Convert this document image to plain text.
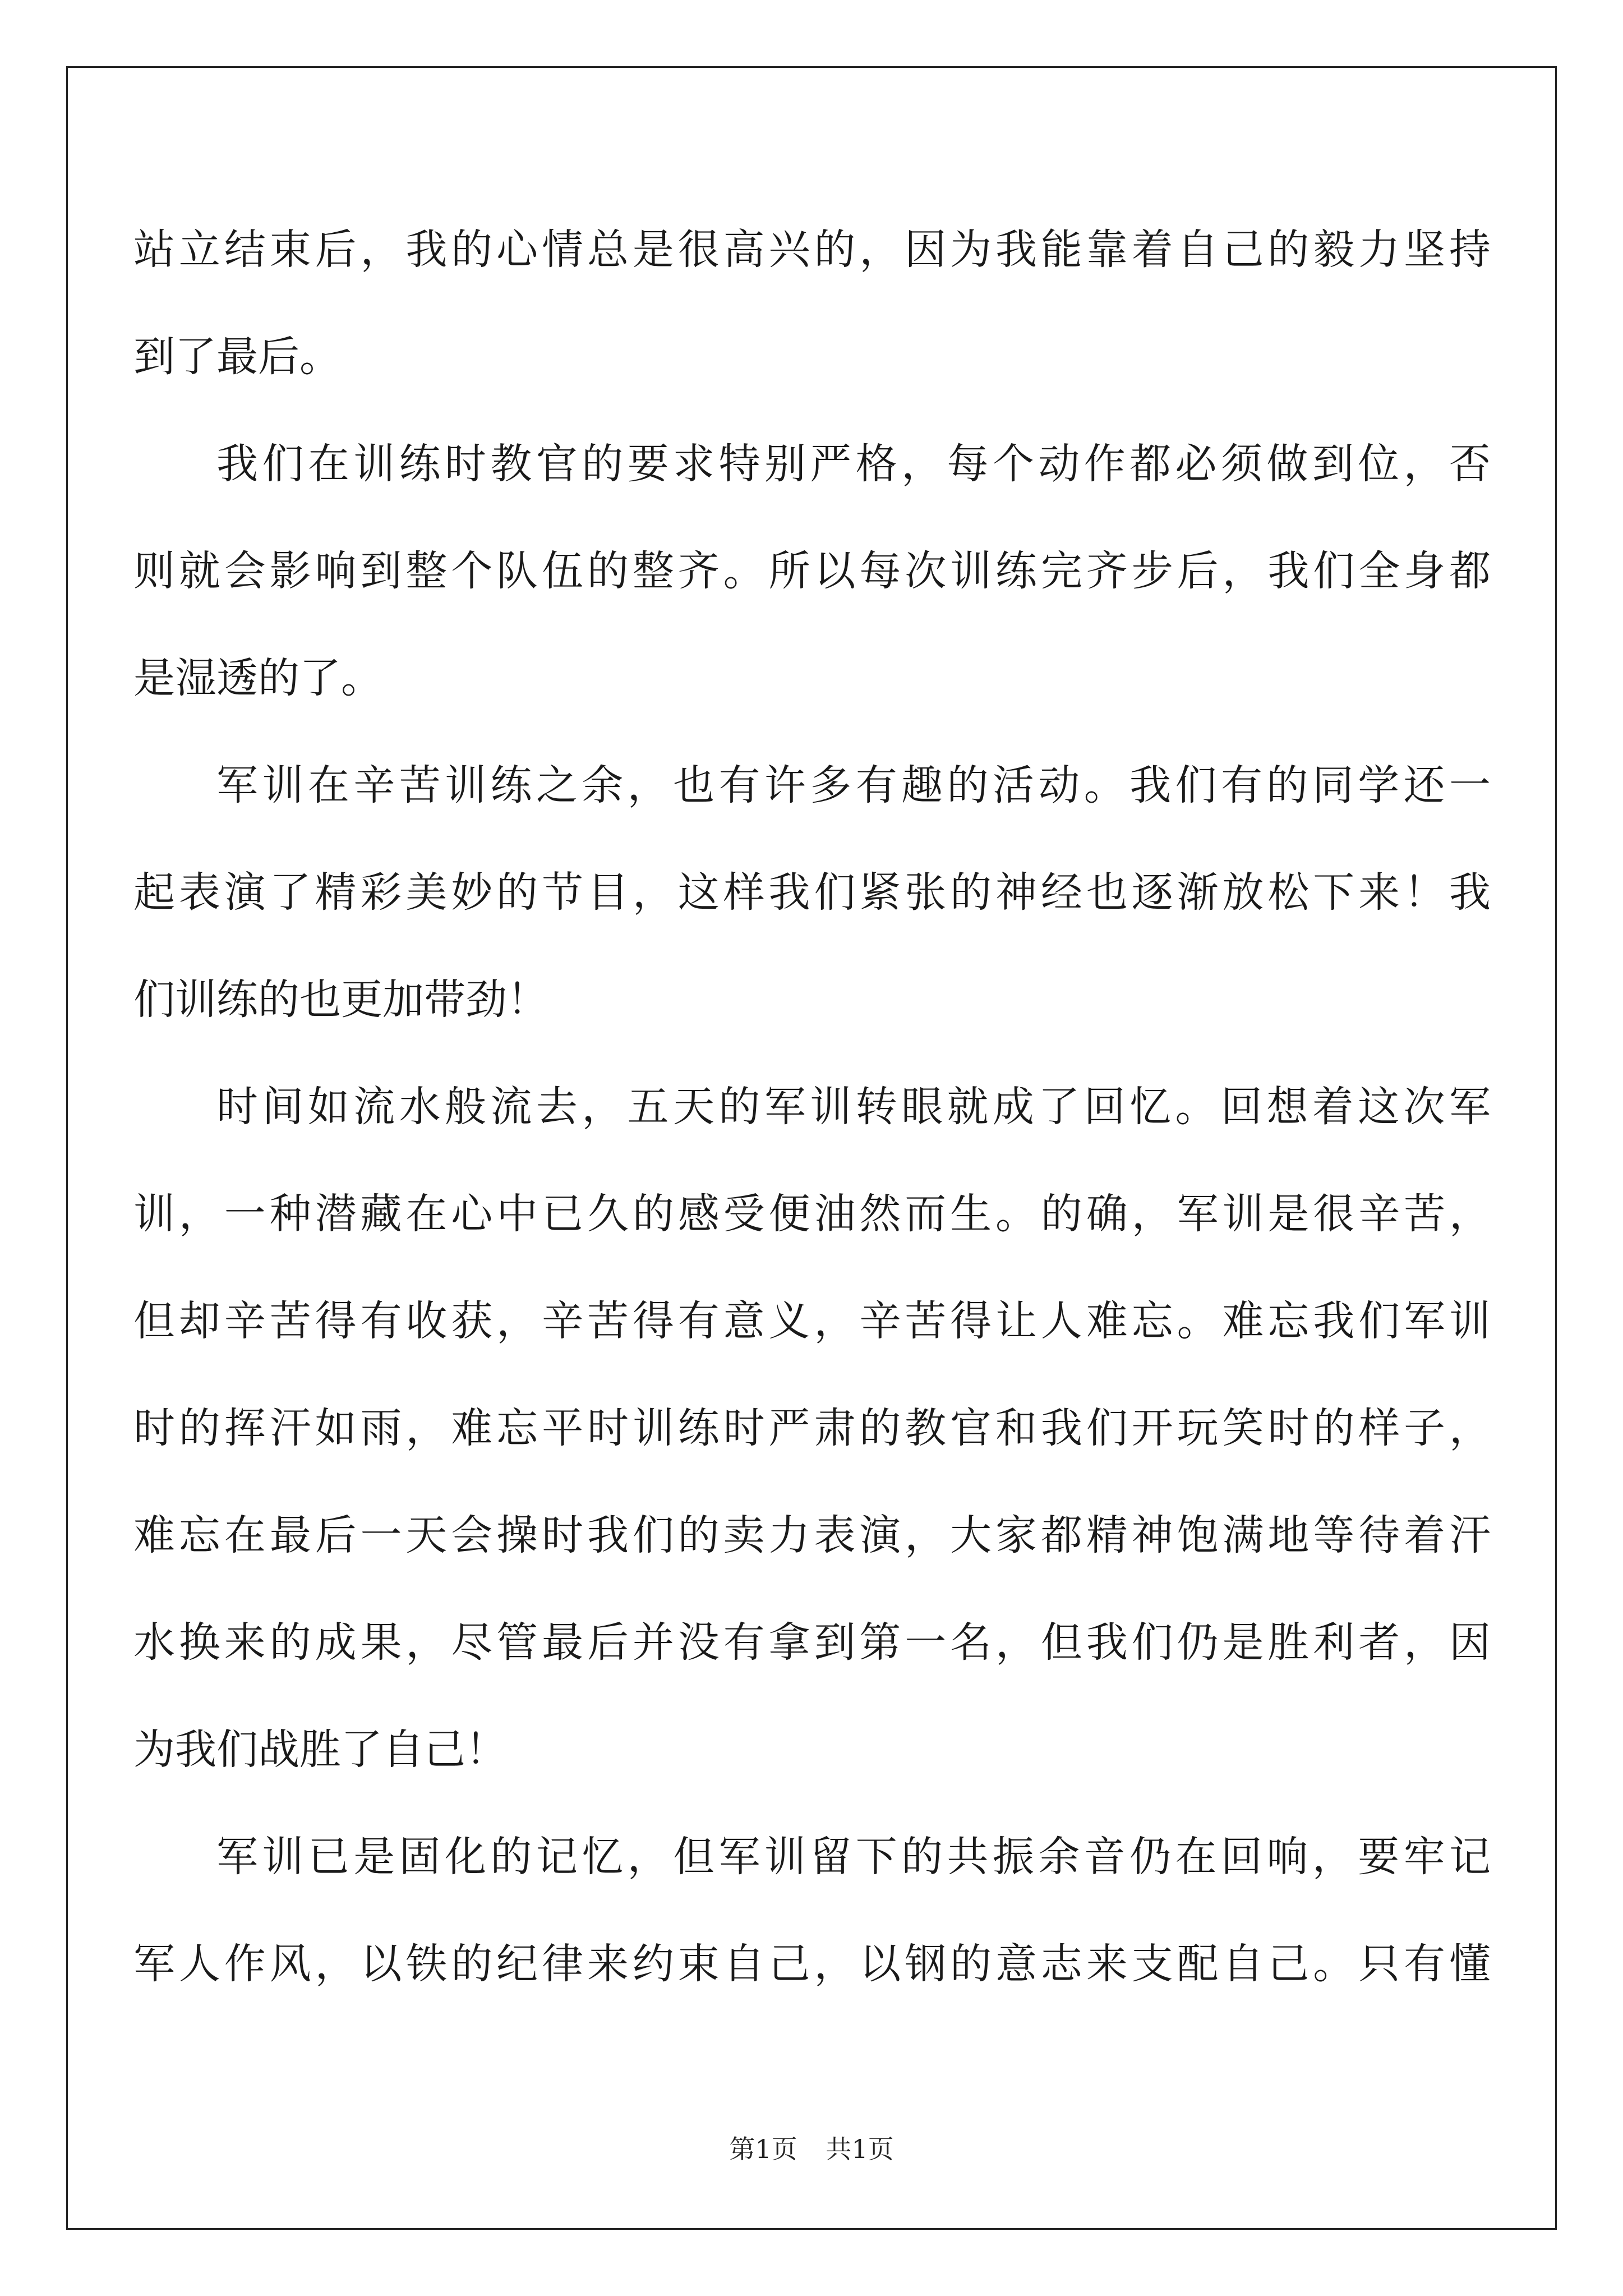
站立结束后，我的心情总是很高兴的，因为我能靠着自己的毅力坚持
到了最后。
我们在训练时教官的要求特别严格，每个动作都必须做到位，否
则就会影响到整个队伍的整齐。所以每次训练完齐步后，我们全身都
是湿透的了。
军训在辛苦训练之余，也有许多有趣的活动。我们有的同学还一
起表演了精彩美妙的节目，这样我们紧张的神经也逐渐放松下来！我
们训练的也更加带劲！
时间如流水般流去，五天的军训转眼就成了回忆。回想着这次军
训，一种潜藏在心中已久的感受便油然而生。的确，军训是很辛苦，
但却辛苦得有收获，辛苦得有意义，辛苦得让人难忘。难忘我们军训
时的挥汗如雨，难忘平时训练时严肃的教官和我们开玩笑时的样子，
难忘在最后一天会操时我们的卖力表演，大家都精神饱满地等待着汗
水换来的成果，尽管最后并没有拿到第一名，但我们仍是胜利者，因
为我们战胜了自己！
军训已是固化的记忆，但军训留下的共振余音仍在回响，要牢记
军人作风，以铁的纪律来约束自己，以钢的意志来支配自己。只有懂
第1页 共1页
